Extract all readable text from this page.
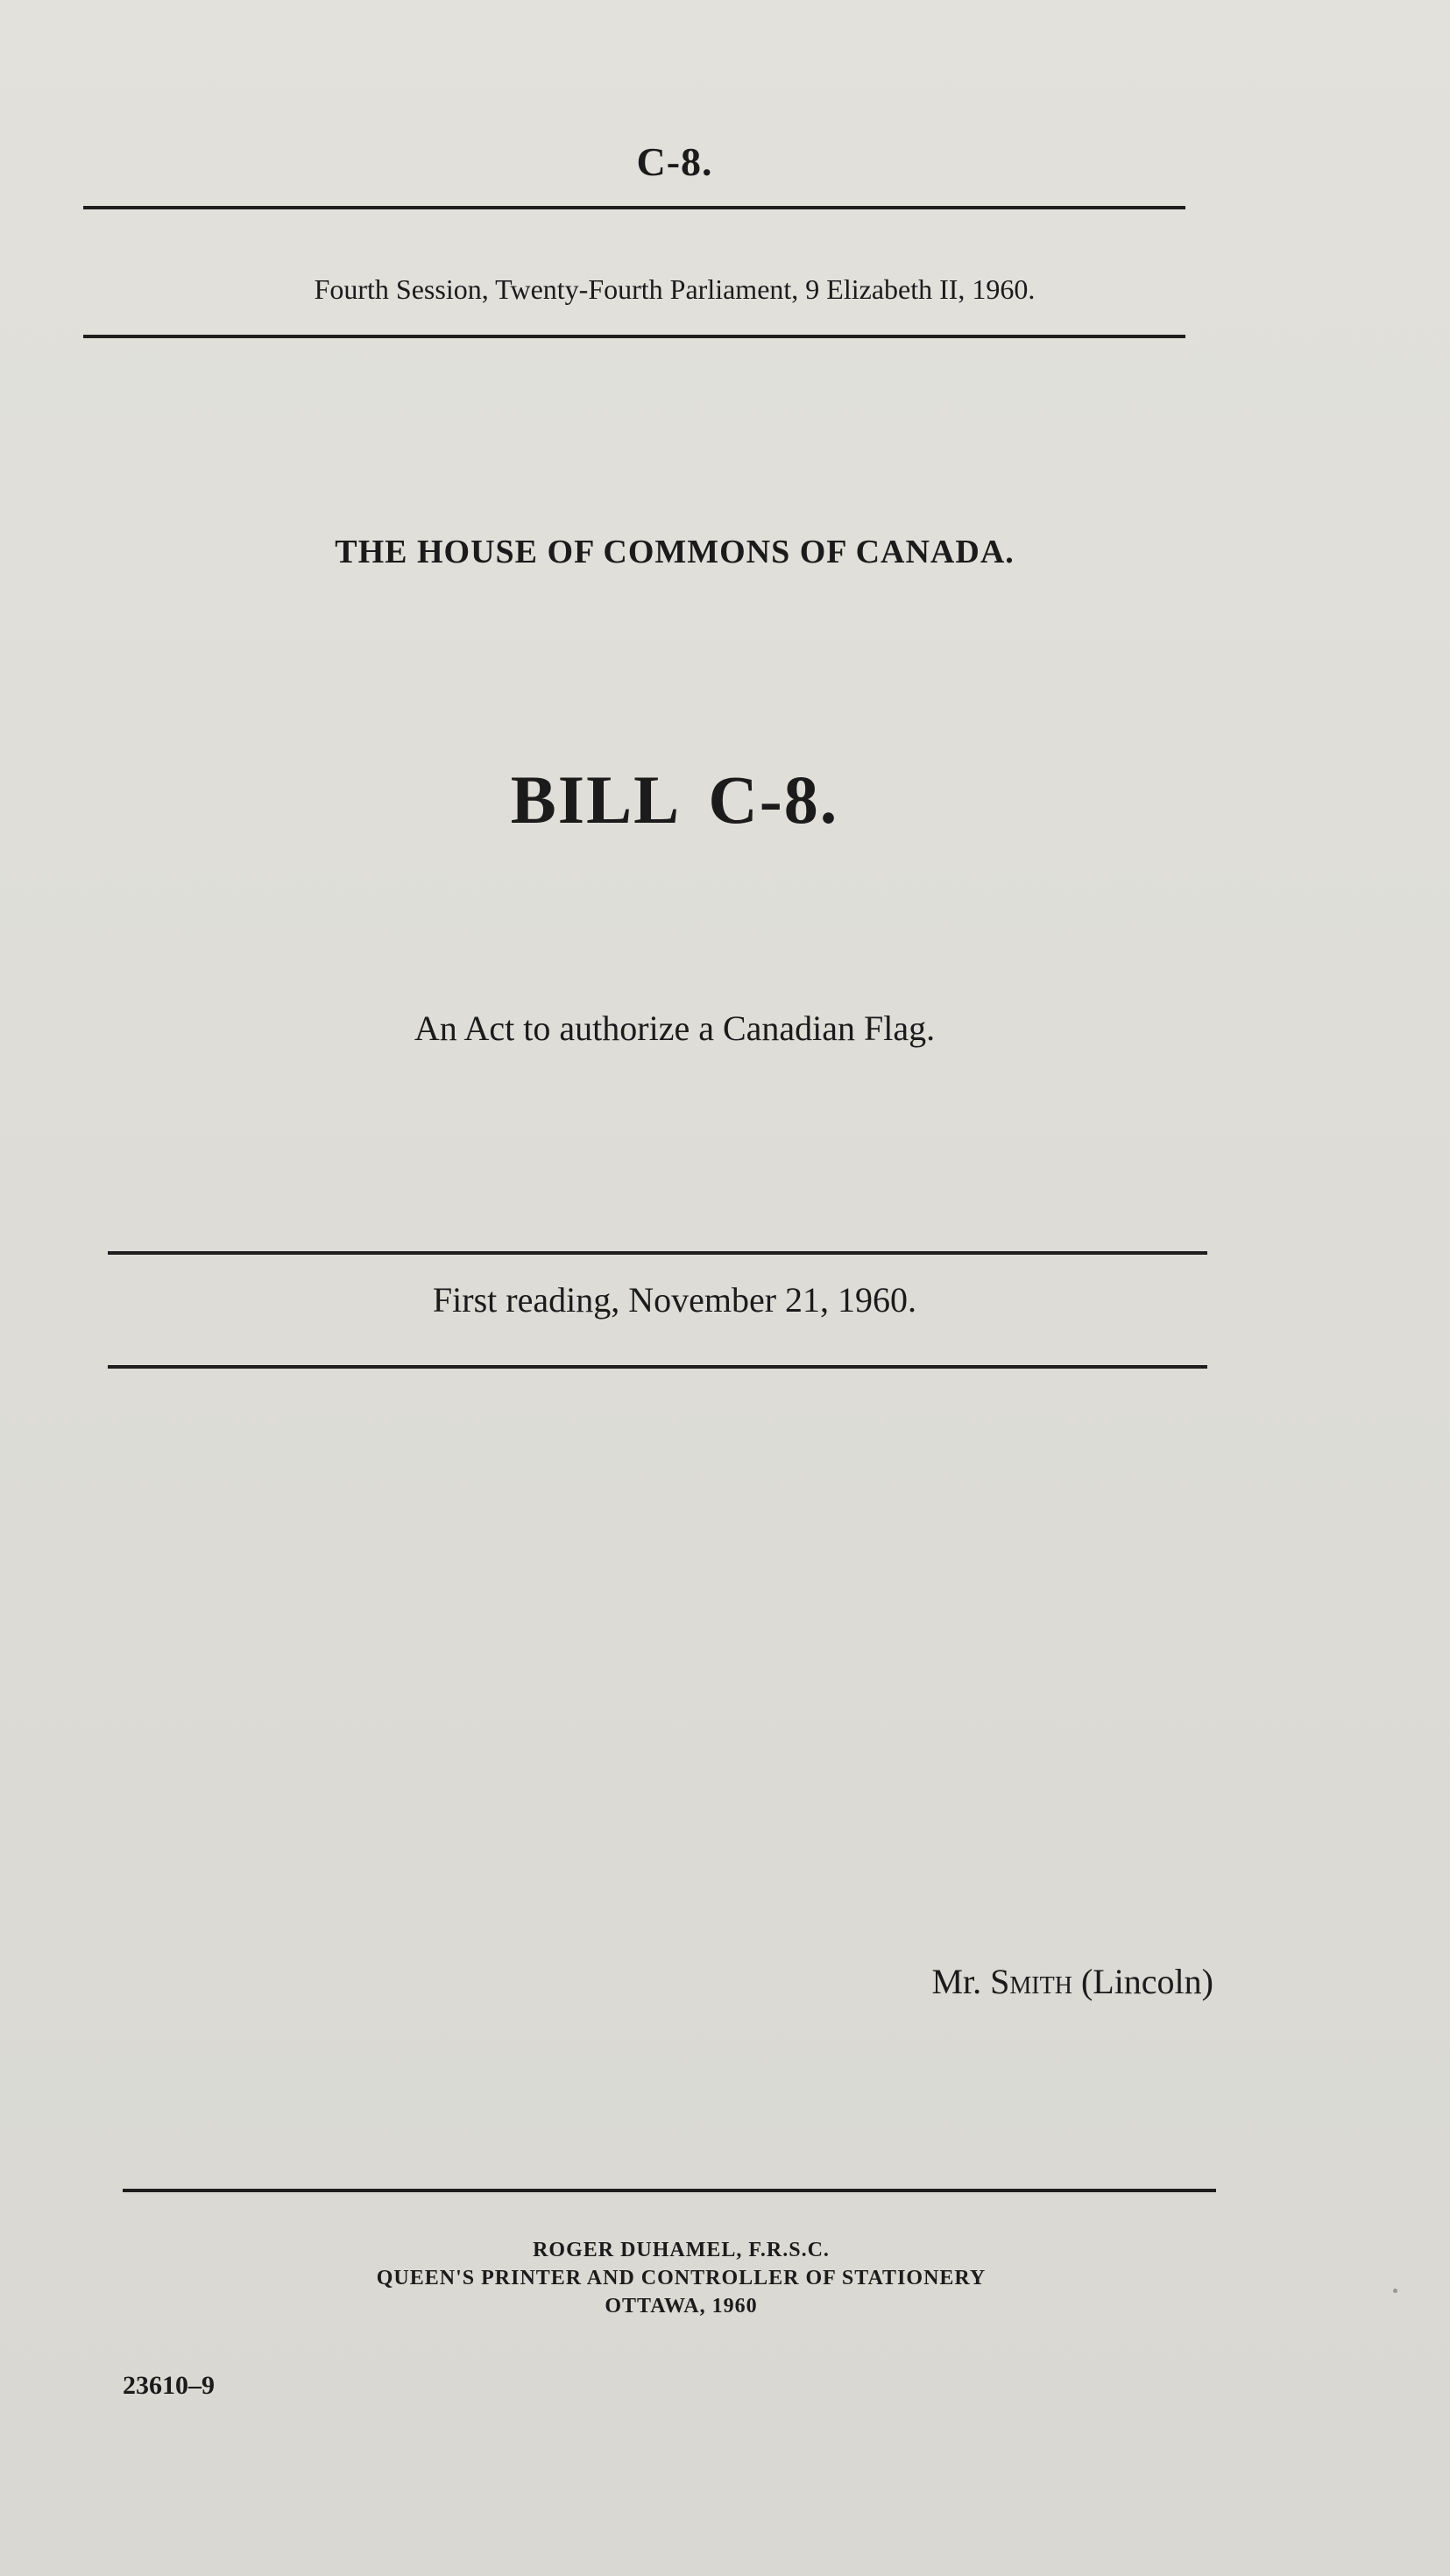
C-8.
Fourth Session, Twenty-Fourth Parliament, 9 Elizabeth II, 1960.
THE HOUSE OF COMMONS OF CANADA.
BILL C-8.
An Act to authorize a Canadian Flag.
First reading, November 21, 1960.
Mr. Smith (Lincoln)
ROGER DUHAMEL, F.R.S.C.
QUEEN'S PRINTER AND CONTROLLER OF STATIONERY
OTTAWA, 1960
23610–9
